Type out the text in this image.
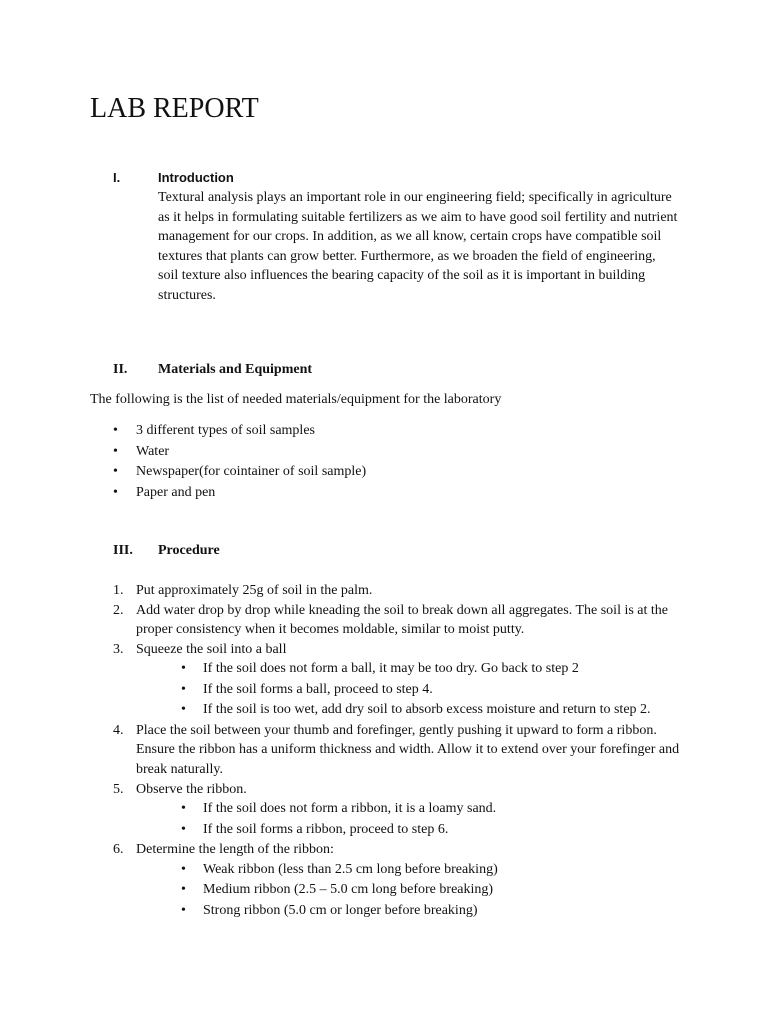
LAB REPORT
I.	Introduction

Textural analysis plays an important role in our engineering field; specifically in agriculture as it helps in formulating suitable fertilizers as we aim to have good soil fertility and nutrient management for our crops. In addition, as we all know, certain crops have compatible soil textures that plants can grow better. Furthermore, as we broaden the field of engineering, soil texture also influences the bearing capacity of the soil as it is important in building structures.

II.	Materials and Equipment

The following is the list of needed materials/equipment for the laboratory

• 3 different types of soil samples
• Water
• Newspaper(for cointainer of soil sample)
• Paper and pen
III.	Procedure
1. Put approximately 25g of soil in the palm.
2. Add water drop by drop while kneading the soil to break down all aggregates. The soil is at the proper consistency when it becomes moldable, similar to moist putty.
3. Squeeze the soil into a ball
• If the soil does not form a ball, it may be too dry. Go back to step 2
• If the soil forms a ball, proceed to step 4.
• If the soil is too wet, add dry soil to absorb excess moisture and return to step 2.
4. Place the soil between your thumb and forefinger, gently pushing it upward to form a ribbon. Ensure the ribbon has a uniform thickness and width. Allow it to extend over your forefinger and break naturally.
5. Observe the ribbon.
• If the soil does not form a ribbon, it is a loamy sand.
• If the soil forms a ribbon, proceed to step 6.
6. Determine the length of the ribbon:
• Weak ribbon (less than 2.5 cm long before breaking)
• Medium ribbon (2.5 – 5.0 cm long before breaking)
• Strong ribbon (5.0 cm or longer before breaking)
